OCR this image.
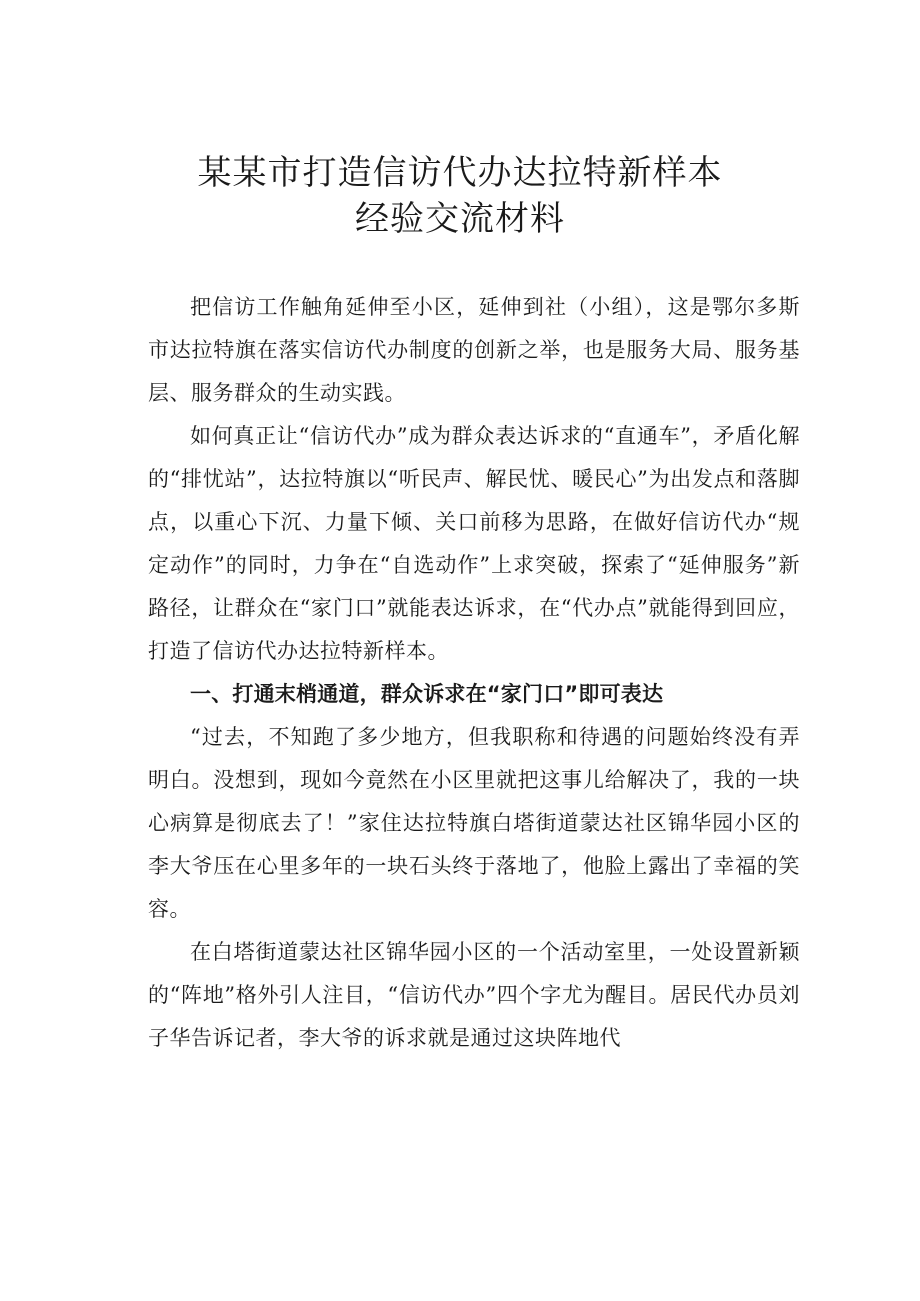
某某市打造信访代办达拉特新样本
经验交流材料

把信访工作触角延伸至小区，延伸到社（小组），这是鄂尔多斯市达拉特旗在落实信访代办制度的创新之举，也是服务大局、服务基层、服务群众的生动实践。

如何真正让“信访代办”成为群众表达诉求的“直通车”，矛盾化解的“排忧站”，达拉特旗以“听民声、解民忧、暖民心”为出发点和落脚点，以重心下沉、力量下倾、关口前移为思路，在做好信访代办“规定动作”的同时，力争在“自选动作”上求突破，探索了“延伸服务”新路径，让群众在“家门口”就能表达诉求，在“代办点”就能得到回应，打造了信访代办达拉特新样本。

一、打通末梢通道，群众诉求在“家门口”即可表达

“过去，不知跑了多少地方，但我职称和待遇的问题始终没有弄明白。没想到，现如今竟然在小区里就把这事儿给解决了，我的一块心病算是彻底去了！”家住达拉特旗白塔街道蒙达社区锦华园小区的李大爷压在心里多年的一块石头终于落地了，他脸上露出了幸福的笑容。

在白塔街道蒙达社区锦华园小区的一个活动室里，一处设置新颖的“阵地”格外引人注目，“信访代办”四个字尤为醒目。居民代办员刘子华告诉记者，李大爷的诉求就是通过这块阵地代
